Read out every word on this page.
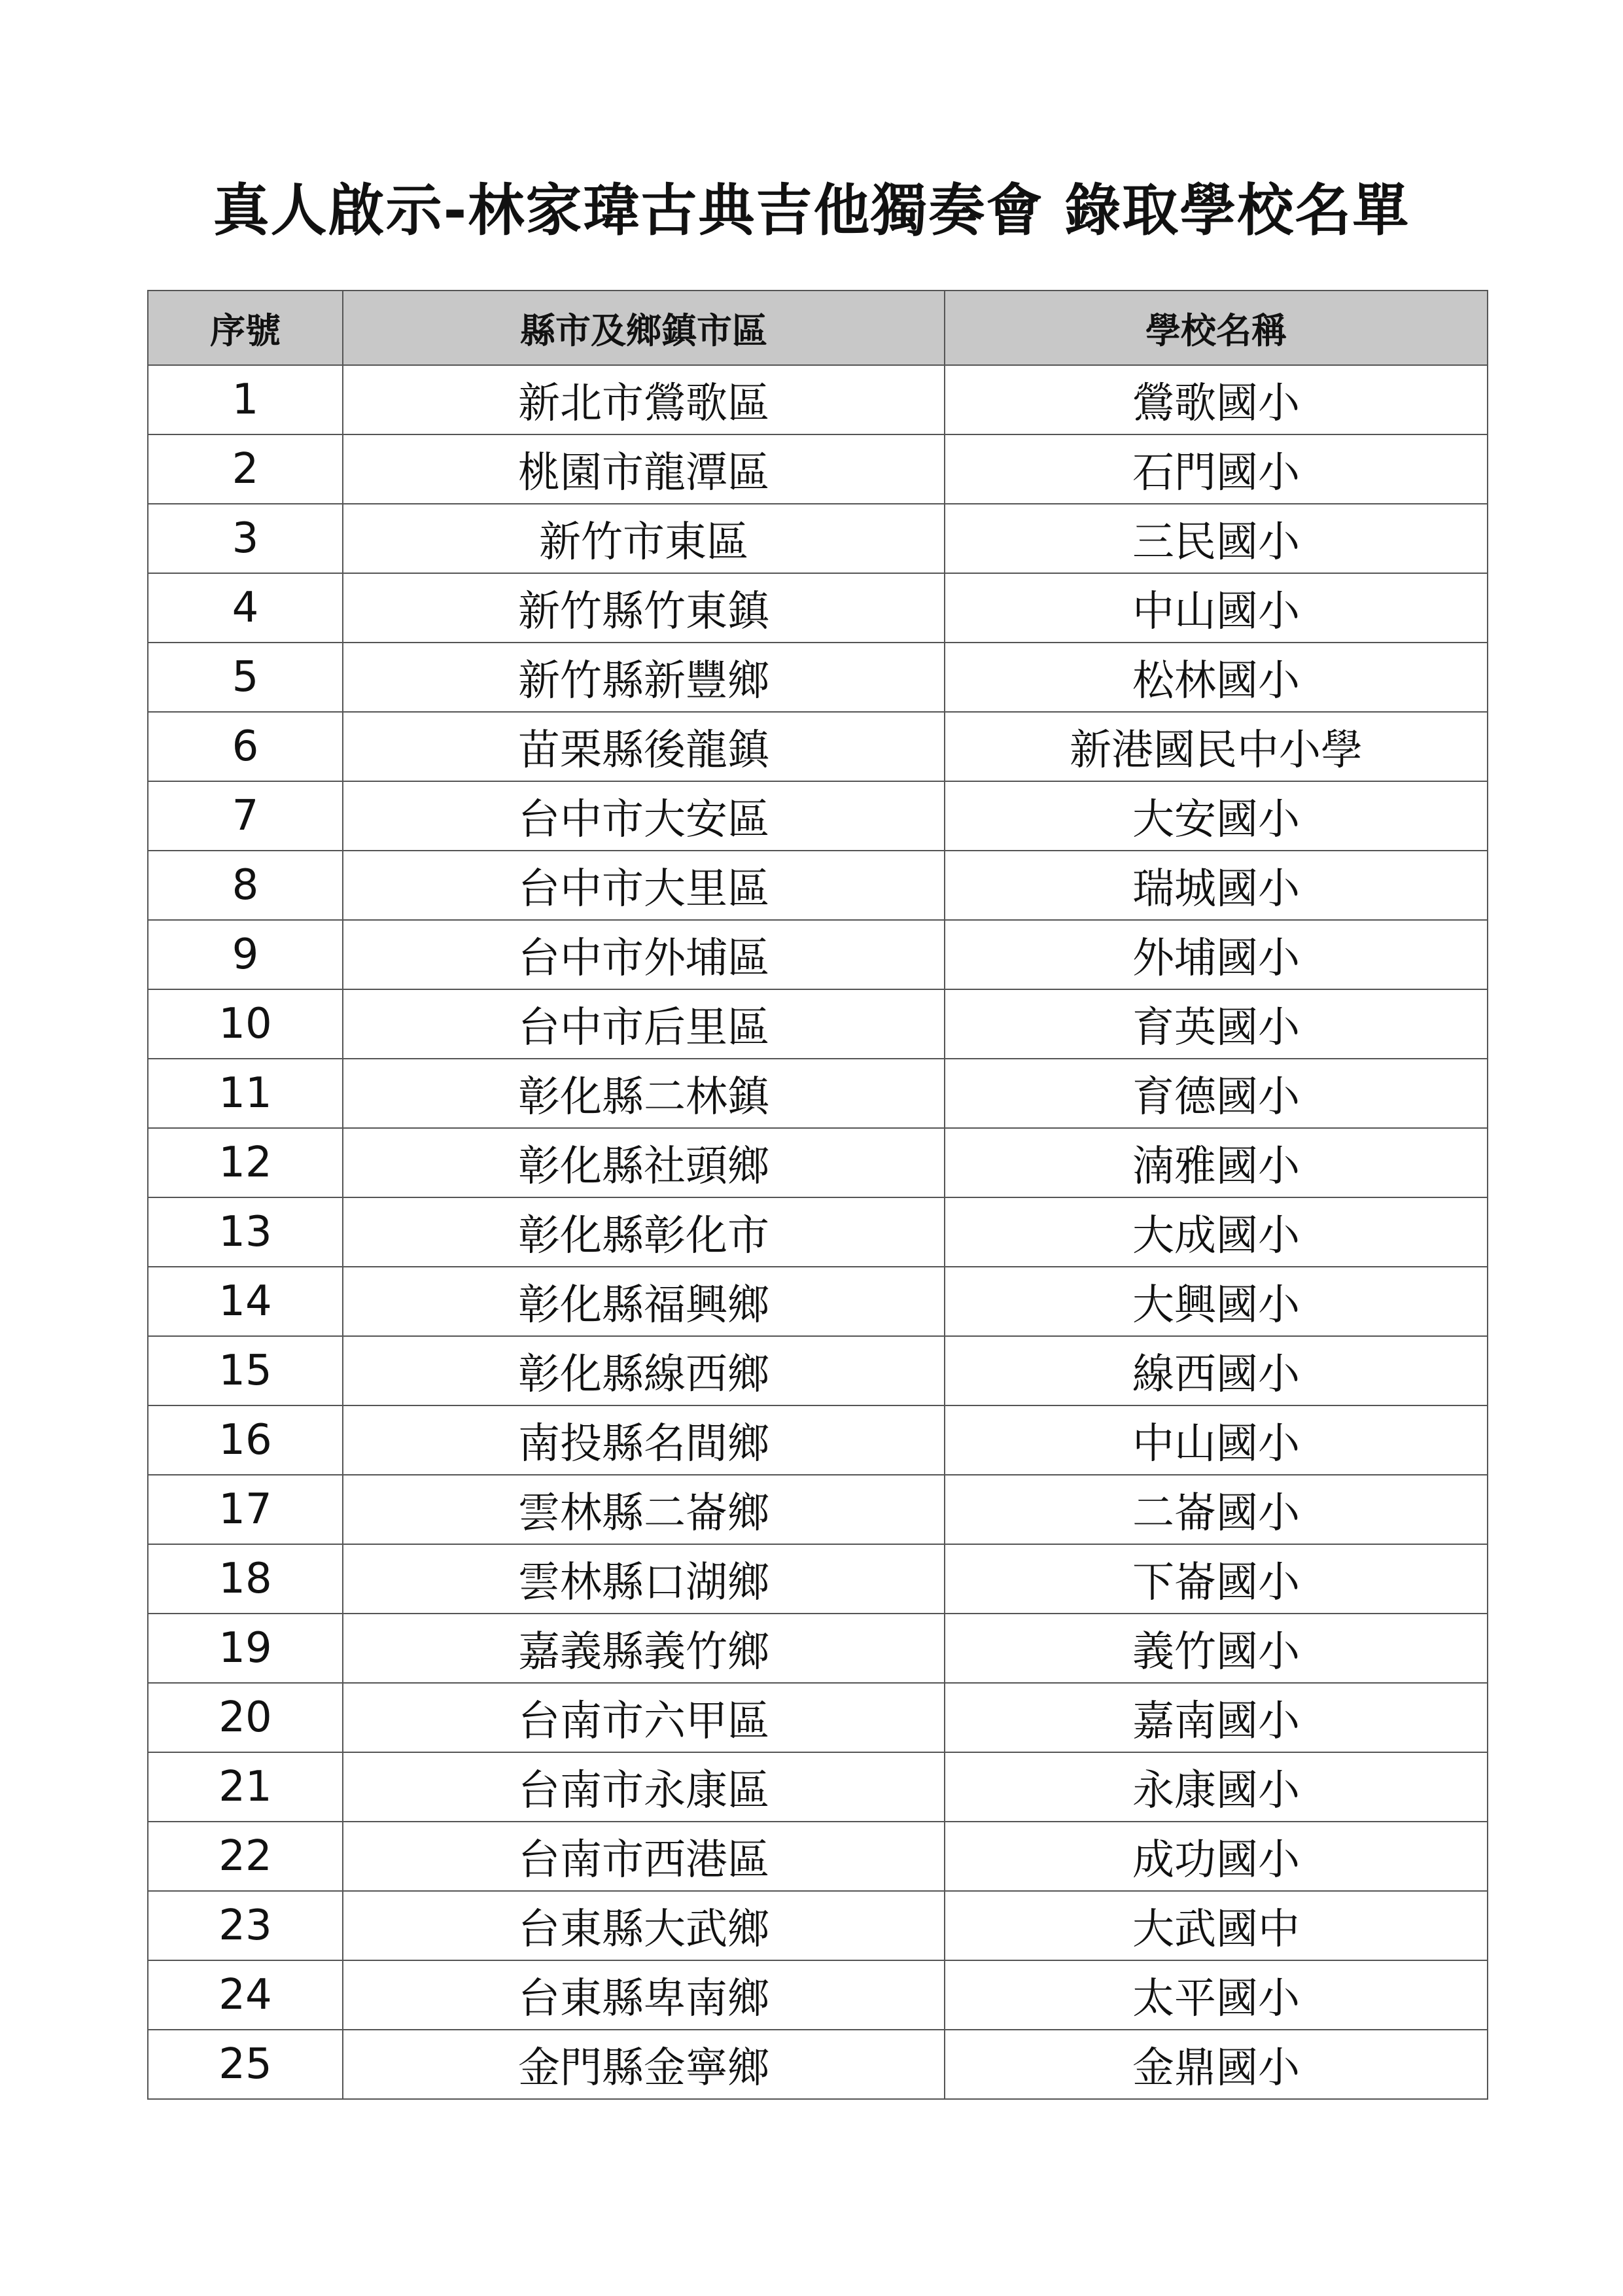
真人啟示-林家瑋古典吉他獨奏會 錄取學校名單
序號	縣市及鄉鎮市區	學校名稱
1	新北市鶯歌區	鶯歌國小
2	桃園市龍潭區	石門國小
3	新竹市東區	三民國小
4	新竹縣竹東鎮	中山國小
5	新竹縣新豐鄉	松林國小
6	苗栗縣後龍鎮	新港國民中小學
7	台中市大安區	大安國小
8	台中市大里區	瑞城國小
9	台中市外埔區	外埔國小
10	台中市后里區	育英國小
11	彰化縣二林鎮	育德國小
12	彰化縣社頭鄉	湳雅國小
13	彰化縣彰化市	大成國小
14	彰化縣福興鄉	大興國小
15	彰化縣線西鄉	線西國小
16	南投縣名間鄉	中山國小
17	雲林縣二崙鄉	二崙國小
18	雲林縣口湖鄉	下崙國小
19	嘉義縣義竹鄉	義竹國小
20	台南市六甲區	嘉南國小
21	台南市永康區	永康國小
22	台南市西港區	成功國小
23	台東縣大武鄉	大武國中
24	台東縣卑南鄉	太平國小
25	金門縣金寧鄉	金鼎國小
